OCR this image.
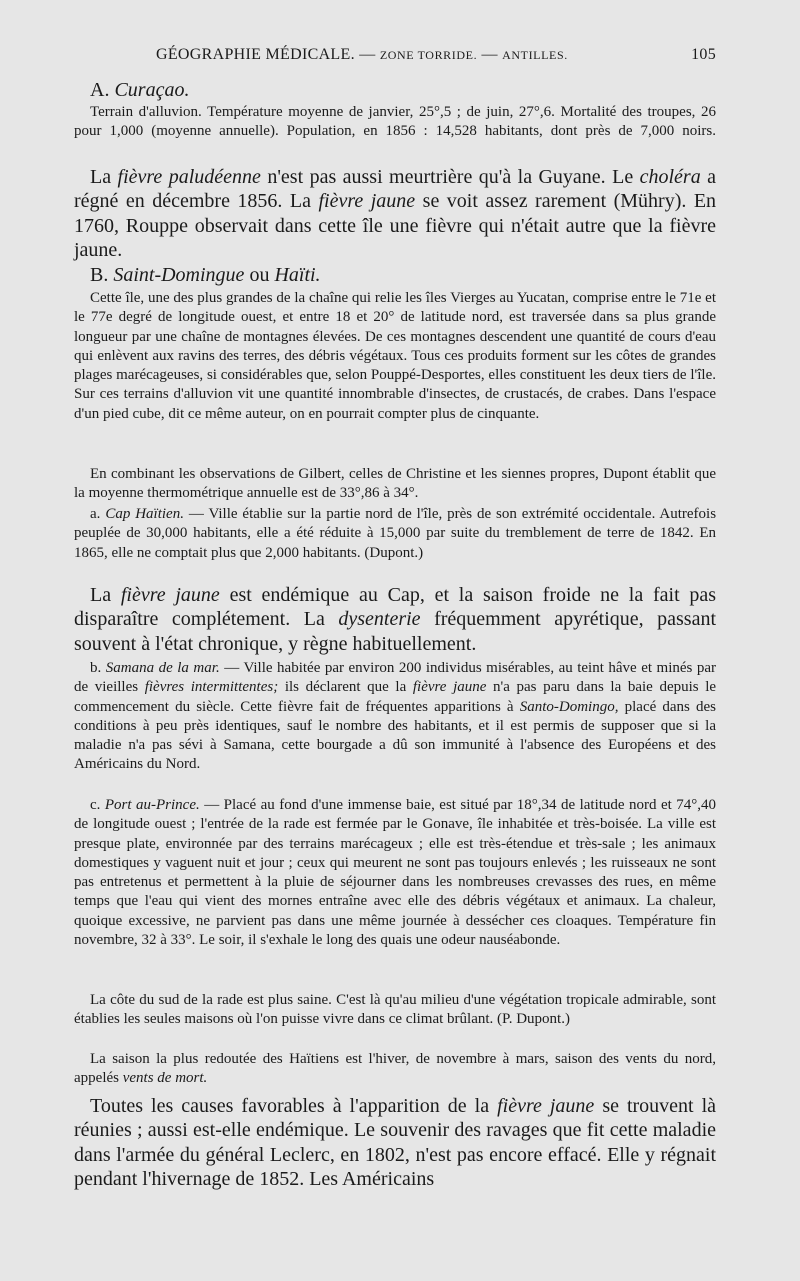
GÉOGRAPHIE MÉDICALE. — ZONE TORRIDE. — ANTILLES.	105
A. Curaçao.

Terrain d'alluvion. Température moyenne de janvier, 25°,5 ; de juin, 27°,6. Mortalité des troupes, 26 pour 1,000 (moyenne annuelle). Population, en 1856 : 14,528 habitants, dont près de 7,000 noirs.

La fièvre paludéenne n'est pas aussi meurtrière qu'à la Guyane. Le choléra a régné en décembre 1856. La fièvre jaune se voit assez rarement (Mühry). En 1760, Rouppe observait dans cette île une fièvre qui n'était autre que la fièvre jaune.

B. Saint-Domingue ou Haïti.

Cette île, une des plus grandes de la chaîne qui relie les îles Vierges au Yucatan, comprise entre le 71e et le 77e degré de longitude ouest, et entre 18 et 20° de latitude nord, est traversée dans sa plus grande longueur par une chaîne de montagnes élevées. De ces montagnes descendent une quantité de cours d'eau qui enlèvent aux ravins des terres, des débris végétaux. Tous ces produits forment sur les côtes de grandes plages marécageuses, si considérables que, selon Pouppé-Desportes, elles constituent les deux tiers de l'île. Sur ces terrains d'alluvion vit une quantité innombrable d'insectes, de crustacés, de crabes. Dans l'espace d'un pied cube, dit ce même auteur, on en pourrait compter plus de cinquante.

En combinant les observations de Gilbert, celles de Christine et les siennes propres, Dupont établit que la moyenne thermométrique annuelle est de 33°,86 à 34°.

a. Cap Haïtien. — Ville établie sur la partie nord de l'île, près de son extrémité occidentale. Autrefois peuplée de 30,000 habitants, elle a été réduite à 15,000 par suite du tremblement de terre de 1842. En 1865, elle ne comptait plus que 2,000 habitants. (Dupont.)

La fièvre jaune est endémique au Cap, et la saison froide ne la fait pas disparaître complétement. La dysenterie fréquemment apyrétique, passant souvent à l'état chronique, y règne habituellement.

b. Samana de la mar. — Ville habitée par environ 200 individus misérables, au teint hâve et minés par de vieilles fièvres intermittentes; ils déclarent que la fièvre jaune n'a pas paru dans la baie depuis le commencement du siècle. Cette fièvre fait de fréquentes apparitions à Santo-Domingo, placé dans des conditions à peu près identiques, sauf le nombre des habitants, et il est permis de supposer que si la maladie n'a pas sévi à Samana, cette bourgade a dû son immunité à l'absence des Européens et des Américains du Nord.

c. Port au-Prince. — Placé au fond d'une immense baie, est situé par 18°,34 de latitude nord et 74°,40 de longitude ouest ; l'entrée de la rade est fermée par le Gonave, île inhabitée et très-boisée. La ville est presque plate, environnée par des terrains marécageux ; elle est très-étendue et très-sale ; les animaux domestiques y vaguent nuit et jour ; ceux qui meurent ne sont pas toujours enlevés ; les ruisseaux ne sont pas entretenus et permettent à la pluie de séjourner dans les nombreuses crevasses des rues, en même temps que l'eau qui vient des mornes entraîne avec elle des débris végétaux et animaux. La chaleur, quoique excessive, ne parvient pas dans une même journée à dessécher ces cloaques. Température fin novembre, 32 à 33°. Le soir, il s'exhale le long des quais une odeur nauséabonde.

La côte du sud de la rade est plus saine. C'est là qu'au milieu d'une végétation tropicale admirable, sont établies les seules maisons où l'on puisse vivre dans ce climat brûlant. (P. Dupont.)

La saison la plus redoutée des Haïtiens est l'hiver, de novembre à mars, saison des vents du nord, appelés vents de mort.

Toutes les causes favorables à l'apparition de la fièvre jaune se trouvent là réunies ; aussi est-elle endémique. Le souvenir des ravages que fit cette maladie dans l'armée du général Leclerc, en 1802, n'est pas encore effacé. Elle y régnait pendant l'hivernage de 1852. Les Américains
